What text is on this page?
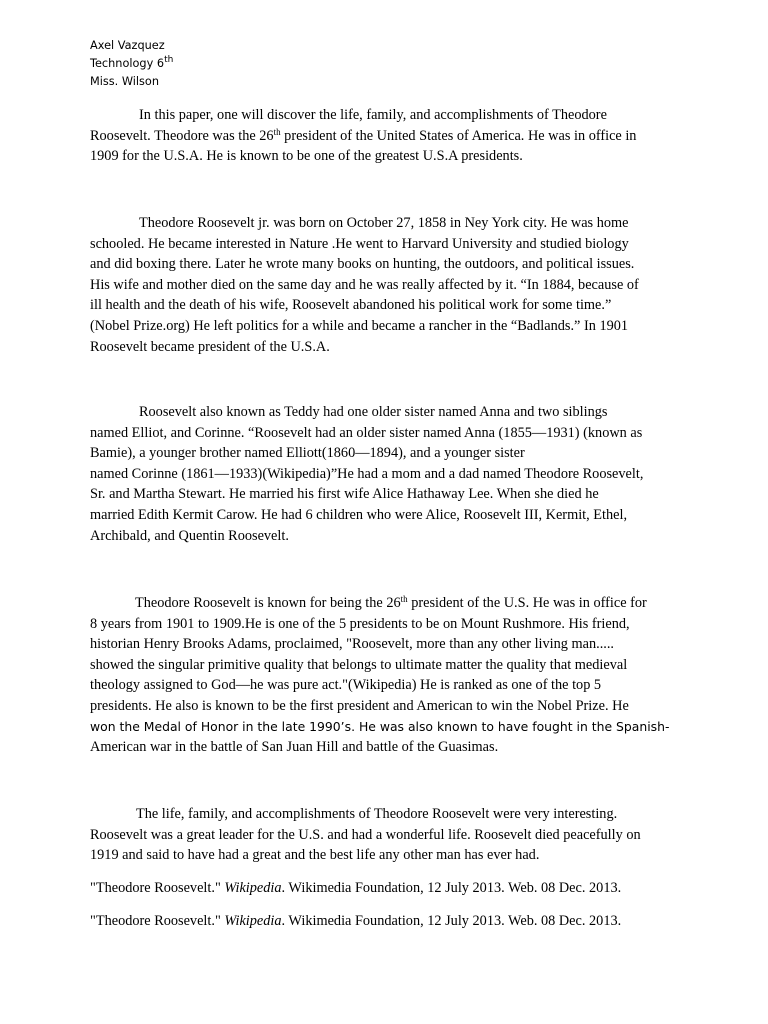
Axel Vazquez
Technology 6th
Miss. Wilson

In this paper, one will discover the life, family, and accomplishments of Theodore
Roosevelt. Theodore was the 26th president of the United States of America. He was in office in
1909 for the U.S.A. He is known to be one of the greatest U.S.A presidents.

Theodore Roosevelt jr. was born on October 27, 1858 in Ney York city. He was home
schooled. He became interested in Nature .He went to Harvard University and studied biology
and did boxing there. Later he wrote many books on hunting, the outdoors, and political issues.
His wife and mother died on the same day and he was really affected by it. “In 1884, because of
ill health and the death of his wife, Roosevelt abandoned his political work for some time.”
(Nobel Prize.org) He left politics for a while and became a rancher in the “Badlands.” In 1901
Roosevelt became president of the U.S.A.

Roosevelt also known as Teddy had one older sister named Anna and two siblings
named Elliot, and Corinne. “Roosevelt had an older sister named Anna (1855—1931) (known as
Bamie), a younger brother named Elliott(1860—1894), and a younger sister
named Corinne (1861—1933)(Wikipedia)”He had a mom and a dad named Theodore Roosevelt,
Sr. and Martha Stewart. He married his first wife Alice Hathaway Lee. When she died he
married Edith Kermit Carow. He had 6 children who were Alice, Roosevelt III, Kermit, Ethel,
Archibald, and Quentin Roosevelt.

Theodore Roosevelt is known for being the 26th president of the U.S. He was in office for
8 years from 1901 to 1909.He is one of the 5 presidents to be on Mount Rushmore. His friend,
historian Henry Brooks Adams, proclaimed, "Roosevelt, more than any other living man.....
showed the singular primitive quality that belongs to ultimate matter the quality that medieval
theology assigned to God—he was pure act."(Wikipedia) He is ranked as one of the top 5
presidents. He also is known to be the first president and American to win the Nobel Prize. He
won the Medal of Honor in the late 1990’s. He was also known to have fought in the Spanish-
American war in the battle of San Juan Hill and battle of the Guasimas.

The life, family, and accomplishments of Theodore Roosevelt were very interesting.
Roosevelt was a great leader for the U.S. and had a wonderful life. Roosevelt died peacefully on
1919 and said to have had a great and the best life any other man has ever had.

"Theodore Roosevelt." Wikipedia. Wikimedia Foundation, 12 July 2013. Web. 08 Dec. 2013.
"Theodore Roosevelt." Wikipedia. Wikimedia Foundation, 12 July 2013. Web. 08 Dec. 2013.
